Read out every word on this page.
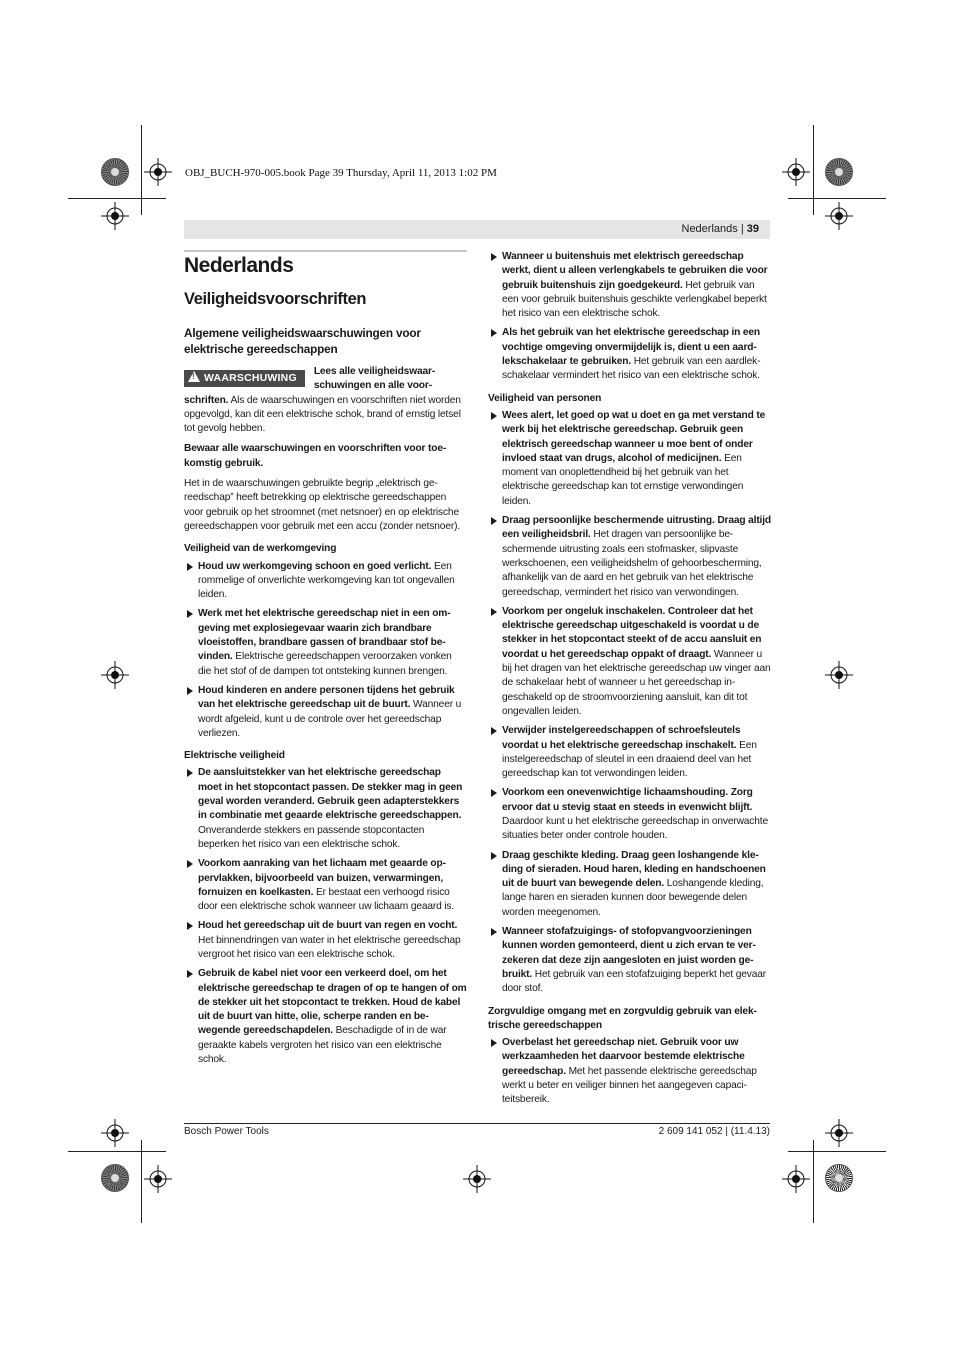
OBJ_BUCH-970-005.book Page 39 Thursday, April 11, 2013 1:02 PM
Nederlands | 39
Nederlands
Veiligheidsvoorschriften
Algemene veiligheidswaarschuwingen voor elektrische gereedschappen
!WAARSCHUWING

Lees alle veiligheidswaarschuwingen en alle voorschriften. Als de waarschuwingen en voorschriften niet worden opgevolgd, kan dit een elektrische schok, brand of ernstig letsel tot gevolg hebben.

Bewaar alle waarschuwingen en voorschriften voor toekomstig gebruik.

Het in de waarschuwingen gebruikte begrip „elektrisch gereedschap” heeft betrekking op elektrische gereedschappen voor gebruik op het stroomnet (met netsnoer) en op elektrische gereedschappen voor gebruik met een accu (zonder netsnoer).

Veiligheid van de werkomgeving
Houd uw werkomgeving schoon en goed verlicht. Een rommelige of onverlichte werkomgeving kan tot ongevallen leiden.
Werk met het elektrische gereedschap niet in een omgeving met explosiegevaar waarin zich brandbare vloeistoffen, brandbare gassen of brandbaar stof bevinden. Elektrische gereedschappen veroorzaken vonken die het stof of de dampen tot ontsteking kunnen brengen.
Houd kinderen en andere personen tijdens het gebruik van het elektrische gereedschap uit de buurt. Wanneer u wordt afgeleid, kunt u de controle over het gereedschap verliezen.
Elektrische veiligheid
De aansluitstekker van het elektrische gereedschap moet in het stopcontact passen. De stekker mag in geen geval worden veranderd. Gebruik geen adapterstekkers in combinatie met geaarde elektrische gereedschappen. Onveranderde stekkers en passende stopcontacten beperken het risico van een elektrische schok.
Voorkom aanraking van het lichaam met geaarde oppervlakken, bijvoorbeeld van buizen, verwarmingen, fornuizen en koelkasten. Er bestaat een verhoogd risico door een elektrische schok wanneer uw lichaam geaard is.
Houd het gereedschap uit de buurt van regen en vocht. Het binnendringen van water in het elektrische gereedschap vergroot het risico van een elektrische schok.
Gebruik de kabel niet voor een verkeerd doel, om het elektrische gereedschap te dragen of op te hangen of om de stekker uit het stopcontact te trekken. Houd de kabel uit de buurt van hitte, olie, scherpe randen en bewegende gereedschapdelen. Beschadigde of in de war geraakte kabels vergroten het risico van een elektrische schok.
Wanneer u buitenshuis met elektrisch gereedschap werkt, dient u alleen verlengkabels te gebruiken die voor gebruik buitenshuis zijn goedgekeurd. Het gebruik van een voor gebruik buitenshuis geschikte verlengkabel beperkt het risico van een elektrische schok.
Als het gebruik van het elektrische gereedschap in een vochtige omgeving onvermijdelijk is, dient u een aardlekschakelaar te gebruiken. Het gebruik van een aardlekschakelaar vermindert het risico van een elektrische schok.
Veiligheid van personen
Wees alert, let goed op wat u doet en ga met verstand te werk bij het elektrische gereedschap. Gebruik geen elektrisch gereedschap wanneer u moe bent of onder invloed staat van drugs, alcohol of medicijnen. Een moment van onoplettendheid bij het gebruik van het elektrische gereedschap kan tot ernstige verwondingen leiden.
Draag persoonlijke beschermende uitrusting. Draag altijd een veiligheidsbril. Het dragen van persoonlijke beschermende uitrusting zoals een stofmasker, slipvaste werkschoenen, een veiligheidshelm of gehoorbescherming, afhankelijk van de aard en het gebruik van het elektrische gereedschap, vermindert het risico van verwondingen.
Voorkom per ongeluk inschakelen. Controleer dat het elektrische gereedschap uitgeschakeld is voordat u de stekker in het stopcontact steekt of de accu aansluit en voordat u het gereedschap oppakt of draagt. Wanneer u bij het dragen van het elektrische gereedschap uw vinger aan de schakelaar hebt of wanneer u het gereedschap ingeschakeld op de stroomvoorziening aansluit, kan dit tot ongevallen leiden.
Verwijder instelgereedschappen of schroefsleutels voordat u het elektrische gereedschap inschakelt. Een instelgereedschap of sleutel in een draaiend deel van het gereedschap kan tot verwondingen leiden.
Voorkom een onevenwichtige lichaamshouding. Zorg ervoor dat u stevig staat en steeds in evenwicht blijft. Daardoor kunt u het elektrische gereedschap in onverwachte situaties beter onder controle houden.
Draag geschikte kleding. Draag geen loshangende kleding of sieraden. Houd haren, kleding en handschoenen uit de buurt van bewegende delen. Loshangende kleding, lange haren en sieraden kunnen door bewegende delen worden meegenomen.
Wanneer stofafzuigings- of stofopvangvoorzieningen kunnen worden gemonteerd, dient u zich ervan te verzekeren dat deze zijn aangesloten en juist worden gebruikt. Het gebruik van een stofafzuiging beperkt het gevaar door stof.
Zorgvuldige omgang met en zorgvuldig gebruik van elektrische gereedschappen
Overbelast het gereedschap niet. Gebruik voor uw werkzaamheden het daarvoor bestemde elektrische gereedschap. Met het passende elektrische gereedschap werkt u beter en veiliger binnen het aangegeven capaciteitsbereik.
Bosch Power Tools	2 609 141 052 | (11.4.13)
